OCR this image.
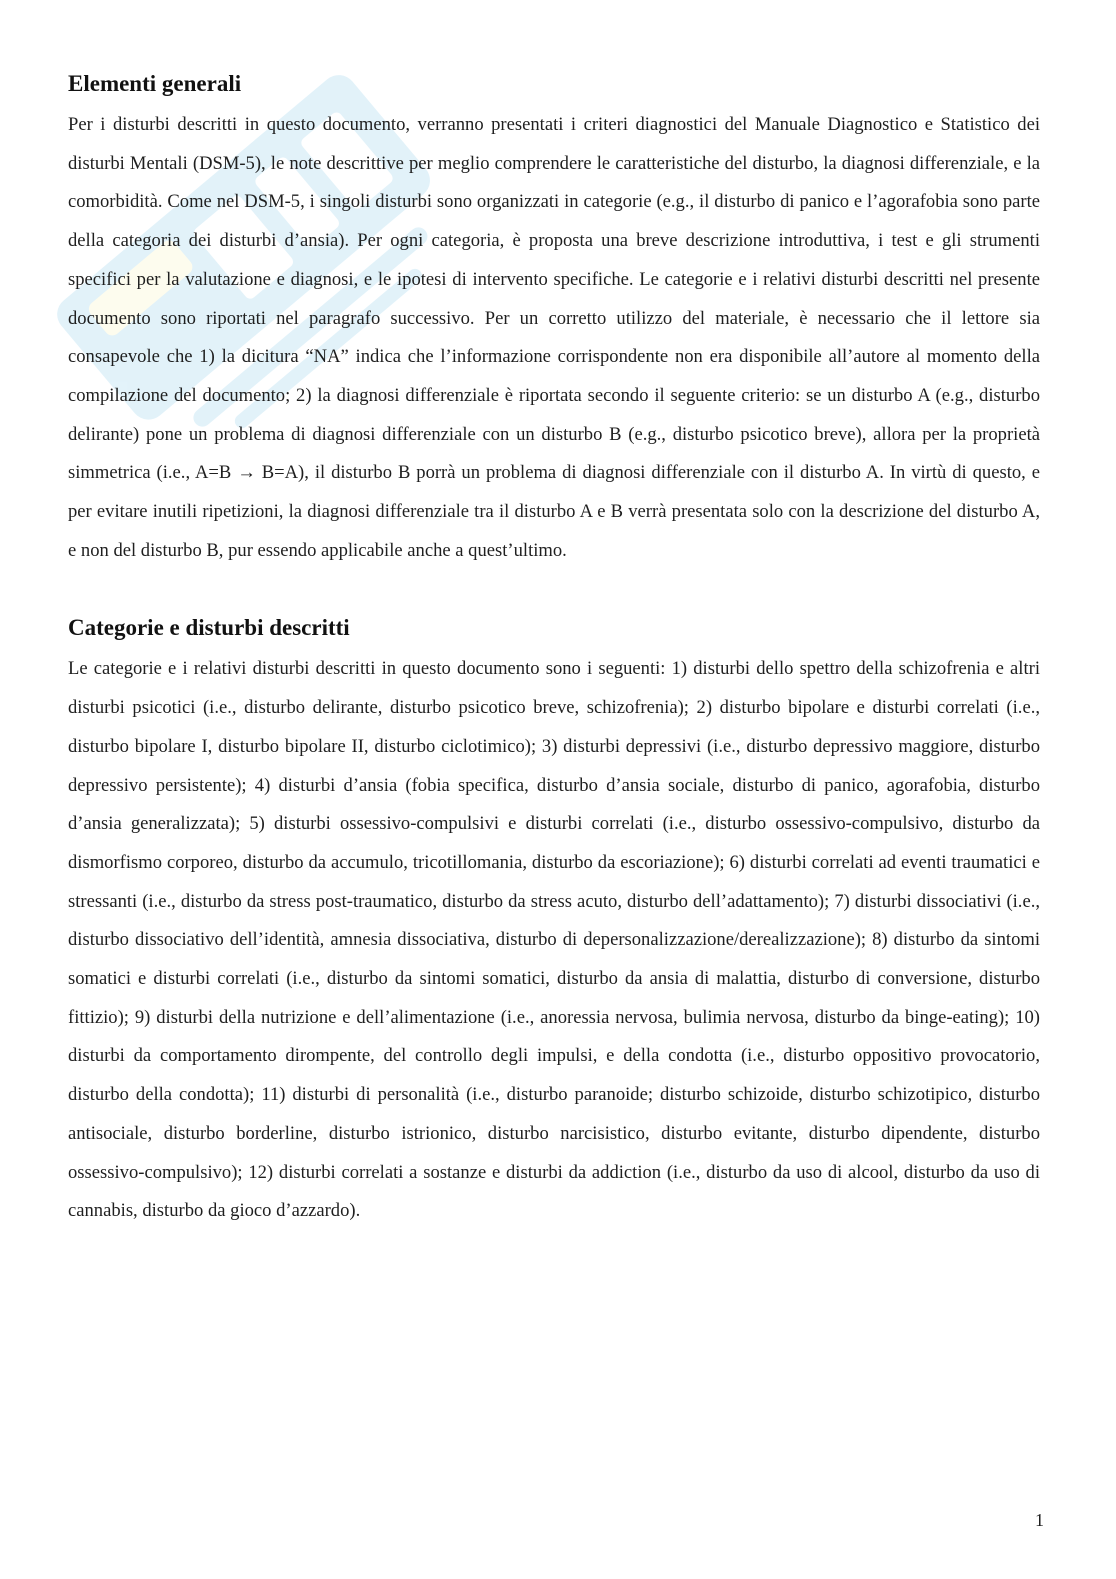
Elementi generali

Per i disturbi descritti in questo documento, verranno presentati i criteri diagnostici del Manuale Diagnostico e Statistico dei disturbi Mentali (DSM-5), le note descrittive per meglio comprendere le caratteristiche del disturbo, la diagnosi differenziale, e la comorbidità. Come nel DSM-5, i singoli disturbi sono organizzati in categorie (e.g., il disturbo di panico e l’agorafobia sono parte della categoria dei disturbi d’ansia). Per ogni categoria, è proposta una breve descrizione introduttiva, i test e gli strumenti specifici per la valutazione e diagnosi, e le ipotesi di intervento specifiche. Le categorie e i relativi disturbi descritti nel presente documento sono riportati nel paragrafo successivo. Per un corretto utilizzo del materiale, è necessario che il lettore sia consapevole che 1) la dicitura “NA” indica che l’informazione corrispondente non era disponibile all’autore al momento della compilazione del documento; 2) la diagnosi differenziale è riportata secondo il seguente criterio: se un disturbo A (e.g., disturbo delirante) pone un problema di diagnosi differenziale con un disturbo B (e.g., disturbo psicotico breve), allora per la proprietà simmetrica (i.e., A=B → B=A), il disturbo B porrà un problema di diagnosi differenziale con il disturbo A. In virtù di questo, e per evitare inutili ripetizioni, la diagnosi differenziale tra il disturbo A e B verrà presentata solo con la descrizione del disturbo A, e non del disturbo B, pur essendo applicabile anche a quest’ultimo.

Categorie e disturbi descritti

Le categorie e i relativi disturbi descritti in questo documento sono i seguenti: 1) disturbi dello spettro della schizofrenia e altri disturbi psicotici (i.e., disturbo delirante, disturbo psicotico breve, schizofrenia); 2) disturbo bipolare e disturbi correlati (i.e., disturbo bipolare I, disturbo bipolare II, disturbo ciclotimico); 3) disturbi depressivi (i.e., disturbo depressivo maggiore, disturbo depressivo persistente); 4) disturbi d’ansia (fobia specifica, disturbo d’ansia sociale, disturbo di panico, agorafobia, disturbo d’ansia generalizzata); 5) disturbi ossessivo-compulsivi e disturbi correlati (i.e., disturbo ossessivo-compulsivo, disturbo da dismorfismo corporeo, disturbo da accumulo, tricotillomania, disturbo da escoriazione); 6) disturbi correlati ad eventi traumatici e stressanti (i.e., disturbo da stress post-traumatico, disturbo da stress acuto, disturbo dell’adattamento); 7) disturbi dissociativi (i.e., disturbo dissociativo dell’identità, amnesia dissociativa, disturbo di depersonalizzazione/derealizzazione); 8) disturbo da sintomi somatici e disturbi correlati (i.e., disturbo da sintomi somatici, disturbo da ansia di malattia, disturbo di conversione, disturbo fittizio); 9) disturbi della nutrizione e dell’alimentazione (i.e., anoressia nervosa, bulimia nervosa, disturbo da binge-eating); 10) disturbi da comportamento dirompente, del controllo degli impulsi, e della condotta (i.e., disturbo oppositivo provocatorio, disturbo della condotta); 11) disturbi di personalità (i.e., disturbo paranoide; disturbo schizoide, disturbo schizotipico, disturbo antisociale, disturbo borderline, disturbo istrionico, disturbo narcisistico, disturbo evitante, disturbo dipendente, disturbo ossessivo-compulsivo); 12) disturbi correlati a sostanze e disturbi da addiction (i.e., disturbo da uso di alcool, disturbo da uso di cannabis, disturbo da gioco d’azzardo).

1
